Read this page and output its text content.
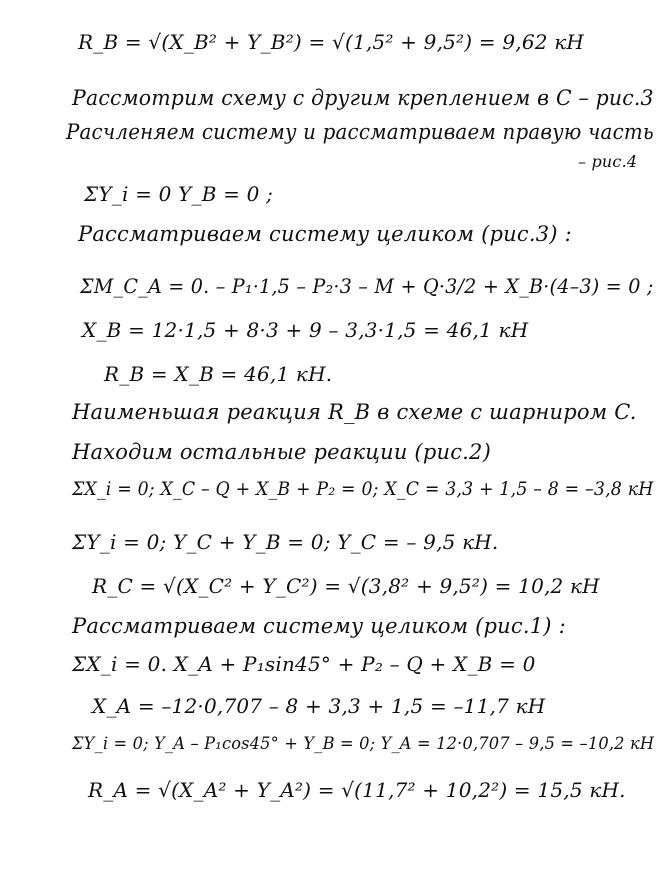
R_B = √(X_B² + Y_B²) = √(1,5² + 9,5²) = 9,62 кН
Рассмотрим схему с другим креплением в C – рис.3
Расчленяем систему и рассматриваем правую часть
– рис.4
ΣY_i = 0 Y_B = 0 ;
Рассматриваем систему целиком (рис.3) :
ΣM_C_A = 0. – P₁·1,5 – P₂·3 – M + Q·3/2 + X_B·(4–3) = 0 ;
X_B = 12·1,5 + 8·3 + 9 – 3,3·1,5 = 46,1 кН
R_B = X_B = 46,1 кН.
Наименьшая реакция R_B в схеме с шарниром C.
Находим остальные реакции (рис.2)
ΣX_i = 0; X_C – Q + X_B + P₂ = 0; X_C = 3,3 + 1,5 – 8 = –3,8 кН
ΣY_i = 0; Y_C + Y_B = 0; Y_C = – 9,5 кН.
R_C = √(X_C² + Y_C²) = √(3,8² + 9,5²) = 10,2 кН
Рассматриваем систему целиком (рис.1) :
ΣX_i = 0. X_A + P₁sin45° + P₂ – Q + X_B = 0
X_A = –12·0,707 – 8 + 3,3 + 1,5 = –11,7 кН
ΣY_i = 0; Y_A – P₁cos45° + Y_B = 0; Y_A = 12·0,707 – 9,5 = –10,2 кН
R_A = √(X_A² + Y_A²) = √(11,7² + 10,2²) = 15,5 кН.
